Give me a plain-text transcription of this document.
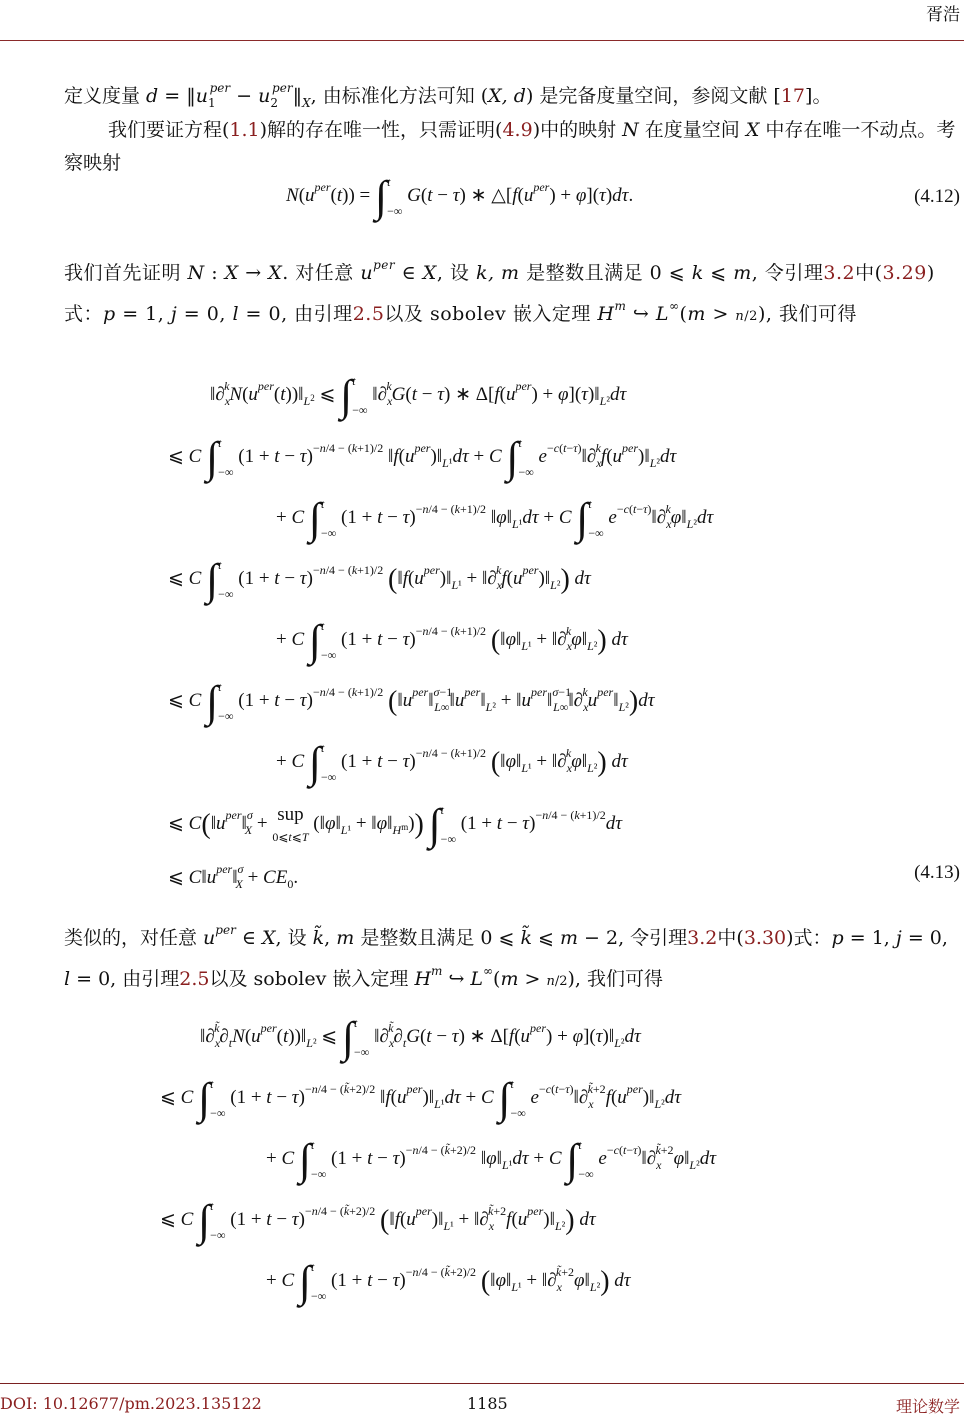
胥浩
定义度量 $d = ‖u_1^{per}$ − $u_2^{per}‖_X$, 由标准化方法可知 (X, d) 是完备度量空间，参阅文献 [17]。
我们要证方程(1.1)解的存在唯一性，只需证明(4.9)中的映射 N 在度量空间 X 中存在唯一不动点。考察映射
$N(u^{per}(t)) = \int t$

−∞ G(t − τ) ∗ $\triangle[f(u^{per}) + \varphi](\tau)d\tau$.	(4.12)
我们首先证明 N : X → X. 对任意 $u^{per}$ ∈ X, 设 k, m 是整数且满足 0 ⩽ k ⩽ m, 令引理3.2中(3.29)式：p = 1, j = 0, l = 0, 由引理2.5以及 sobolev 嵌入定理 $H^m$ ↪ L∞(m > n/2), 我们可得
$‖\partial_x^kN(u^{per}(t))‖_{L^2}$ ⩽ ∫t

−∞ $‖\partial_x^kG(t - \tau)$ ∗ $\Delta[f(u^{per})$ + $\varphi](\tau)‖_{L^2}d\tau$
⩽ C ∫t

−∞ $(1 + t - \tau)^{-n/4 - (k+1)/2}$ $‖f(u^{per})‖_{L^1}d\tau + C$ ∫t

−∞ $e^{-c(t-\tau)}‖\partial_x^kf(u^{per})‖_{L^2}d\tau$
+ C ∫t

−∞ $(1 + t - \tau)^{-n/4 - (k+1)/2}$ $‖\varphi‖_{L^1}d\tau + C$ ∫t

−∞ $e^{-c(t-\tau)}‖\partial_x^k\varphi‖_{L^2}d\tau$
⩽ C ∫t

−∞ $(1 + t - \tau)^{-n/4 - (k+1)/2}$ ($‖f(u^{per})‖_{L^1}$ + $‖\partial_x^kf(u^{per})‖_{L^2}$) dτ
+ C ∫t

−∞ $(1 + t - \tau)^{-n/4 - (k+1)/2}$ ($‖\varphi‖_{L^1}$ + $‖\partial_x^k\varphi‖_{L^2}$) dτ
⩽ C ∫t

−∞ $(1 + t - \tau)^{-n/4 - (k+1)/2}$ ($‖u^{per}‖^{\sigma-1}_{L\infty}‖u^{per}‖_{L^2}$ + $‖u^{per}‖^{\sigma-1}_{L\infty}‖\partial_x^ku^{per}‖_{L^2})d\tau$
+ C ∫t

−∞ $(1 + t - \tau)^{-n/4 - (k+1)/2}$ ($‖\varphi‖_{L^1}$ + $‖\partial_x^k\varphi‖_{L^2}$) dτ
⩽ $C(‖u^{per}‖^\sigma_X$ + sup
0⩽t⩽T ($‖\varphi‖_{L^1}$ + $‖\varphi‖_{H^m}$)) ∫t

−∞ $(1 + t - \tau)^{-n/4 - (k+1)/2}d\tau$
⩽ $C‖u^{per}‖^\sigma_X + CE_0$.	(4.13)
类似的，对任意 $u^{per}$ ∈ X, 设 k̃, m 是整数且满足 0 ⩽ k̃ ⩽ m − 2, 令引理3.2中(3.30)式：p = 1, j = 0, l = 0, 由引理2.5以及 sobolev 嵌入定理 $H^m$ ↪ L∞(m > n/2), 我们可得
$‖\partial_x^{k̃}\partial_tN(u^{per}(t))‖_{L^2}$ ⩽ ∫t

−∞ $‖\partial_x^{k̃}\partial_tG(t - \tau)$ ∗ $\Delta[f(u^{per})$ + $\varphi](\tau)‖_{L^2}d\tau$
⩽ C ∫t

−∞ $(1 + t - \tau)^{-n/4 - (k̃+2)/2}$ $‖f(u^{per})‖_{L^1}d\tau + C$ ∫t

−∞ $e^{-c(t-\tau)}‖\partial_x^{k̃+2}f(u^{per})‖_{L^2}d\tau$
+ C ∫t

−∞ $(1 + t - \tau)^{-n/4 - (k̃+2)/2}$ $‖\varphi‖_{L^1}d\tau + C$ ∫t

−∞ $e^{-c(t-\tau)}‖\partial_x^{k̃+2}\varphi‖_{L^2}d\tau$
⩽ C ∫t

−∞ $(1 + t - \tau)^{-n/4 - (k̃+2)/2}$ ($‖f(u^{per})‖_{L^1}$ + $‖\partial_x^{k̃+2}f(u^{per})‖_{L^2}$) dτ
+ C ∫t

−∞ $(1 + t - \tau)^{-n/4 - (k̃+2)/2}$ ($‖\varphi‖_{L^1}$ + $‖\partial_x^{k̃+2}\varphi‖_{L^2}$) dτ
DOI: 10.12677/pm.2023.135122	1185	理论数学
